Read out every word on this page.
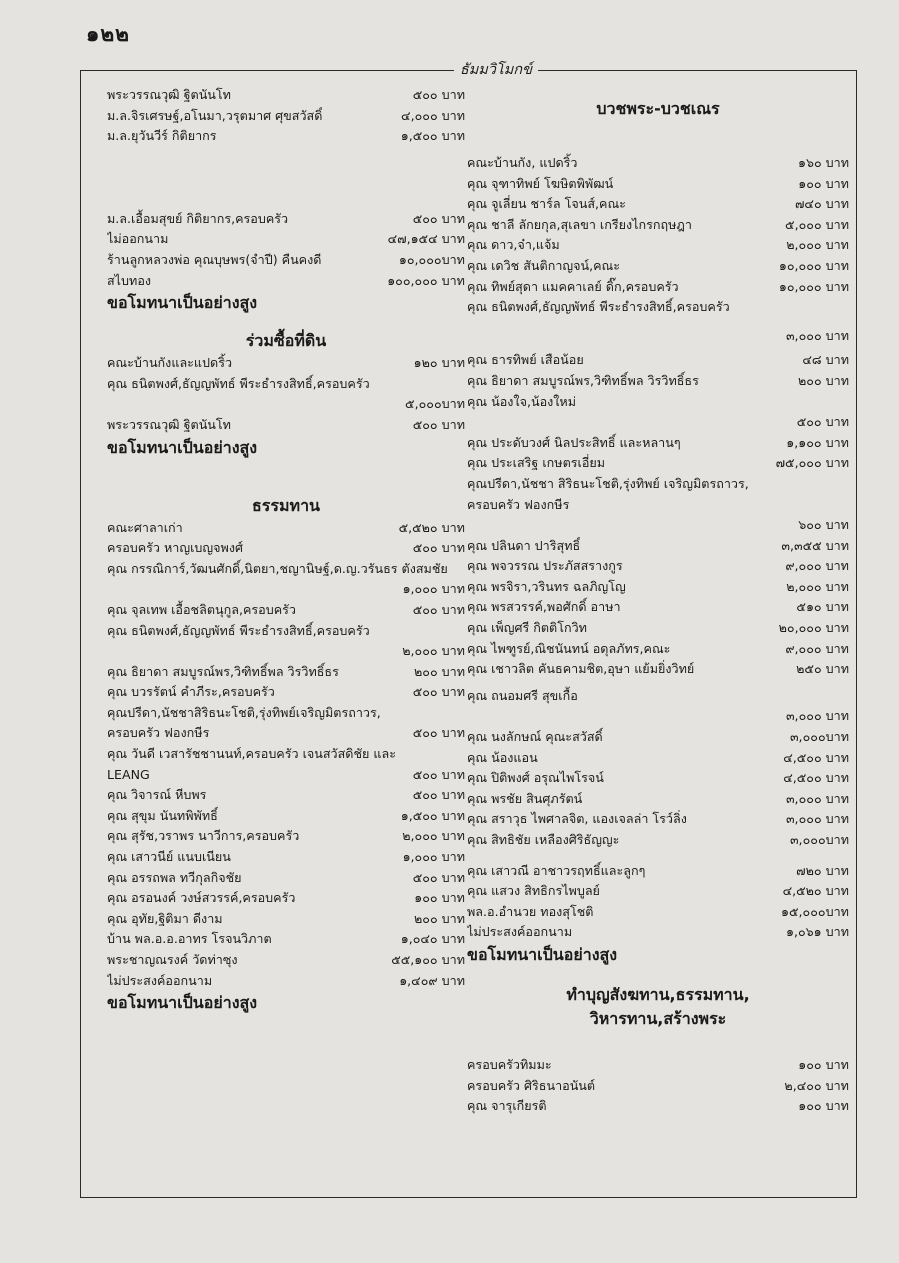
๑๒๒
ธัมมวิโมกข์
พระวรรณวุฒิ ฐิตนันโท	๕๐๐ บาท
ม.ล.จิรเศรษฐ์,อโนมา,วรุตมาศ ศุขสวัสดิ์	๔,๐๐๐ บาท
ม.ล.ยุวันวีร์ กิติยากร	๑,๕๐๐ บาท
ม.ล.เอื้อมสุขย์ กิติยากร,ครอบครัว	๕๐๐ บาท
ไม่ออกนาม	๔๗,๑๕๔ บาท
ร้านลูกหลวงพ่อ คุณบุษพร(จำปี) คืนคงดี	๑๐,๐๐๐บาท
สไบทอง	๑๐๐,๐๐๐ บาท
ขอโมทนาเป็นอย่างสูง
ร่วมซื้อที่ดิน
คณะบ้านกังและแปดริ้ว	๑๒๐ บาท
คุณ ธนิตพงศ์,ธัญญพัทธ์ พีระธำรงสิทธิ์,ครอบครัว
๕,๐๐๐บาท
พระวรรณวุฒิ ฐิตนันโท	๕๐๐ บาท
ขอโมทนาเป็นอย่างสูง
ธรรมทาน
คณะศาลาเก่า	๕,๕๒๐ บาท
ครอบครัว หาญเบญจพงศ์	๕๐๐ บาท
คุณ กรรณิการ์,วัฒนศักดิ์,นิตยา,ชญานิษฐ์,ด.ญ.วรันธร ตังสมชัย
๑,๐๐๐ บาท
คุณ จุลเทพ เอื้อชลิตนุกูล,ครอบครัว	๕๐๐ บาท
คุณ ธนิตพงศ์,ธัญญพัทธ์ พีระธำรงสิทธิ์,ครอบครัว
๒,๐๐๐ บาท
คุณ ธิยาดา สมบูรณ์พร,วิฑิทธิ์พล วิรวิทธิ์ธร	๒๐๐ บาท
คุณ บวรรัตน์ คำภีระ,ครอบครัว	๕๐๐ บาท
คุณปรีดา,นัชชาสิริธนะโชติ,รุ่งทิพย์เจริญมิตรถาวร,
ครอบครัว ฟองกษีร	๕๐๐ บาท
คุณ วันดี เวสารัชชานนท์,ครอบครัว เจนสวัสดิชัย และ
LEANG	๕๐๐ บาท
คุณ วิจารณ์ หีบพร	๕๐๐ บาท
คุณ สุขุม นันทพิพัทธิ์	๑,๕๐๐ บาท
คุณ สุรัช,วราพร นาวีการ,ครอบครัว	๒,๐๐๐ บาท
คุณ เสาวนีย์ แนบเนียน	๑,๐๐๐ บาท
คุณ อรรถพล ทวีกุลกิจชัย	๕๐๐ บาท
คุณ อรอนงค์ วงษ์สวรรค์,ครอบครัว	๑๐๐ บาท
คุณ อุทัย,ฐิติมา ดีงาม	๒๐๐ บาท
บ้าน พล.อ.อ.อาทร โรจนวิภาต	๑,๐๔๐ บาท
พระชาญณรงค์ วัดท่าซุง	๕๕,๑๐๐ บาท
ไม่ประสงค์ออกนาม	๑,๔๐๙ บาท
ขอโมทนาเป็นอย่างสูง
บวชพระ-บวชเณร
คณะบ้านกัง, แปดริ้ว	๑๖๐ บาท
คุณ จุฑาทิพย์ โฆษิตพิพัฒน์	๑๐๐ บาท
คุณ จูเลี่ยน ชาร์ล โจนส์,คณะ	๗๔๐ บาท
คุณ ชาลี ลักยกุล,สุเลขา เกรียงไกรกฤษฎา	๕,๐๐๐ บาท
คุณ ดาว,จ๋า,แจ้ม	๒,๐๐๐ บาท
คุณ เดวิช สันติกาญจน์,คณะ	๑๐,๐๐๐ บาท
คุณ ทิพย์สุดา แมคคาเลย์ ดิ๊ก,ครอบครัว	๑๐,๐๐๐ บาท
คุณ ธนิตพงศ์,ธัญญพัทธ์ พีระธำรงสิทธิ์,ครอบครัว
๓,๐๐๐ บาท
คุณ ธารทิพย์ เสือน้อย	๔๘ บาท
คุณ ธิยาดา สมบูรณ์พร,วิฑิทธิ์พล วิรวิทธิ์ธร	๒๐๐ บาท
คุณ น้องใจ,น้องใหม่
๕๐๐ บาท
คุณ ประดับวงศ์ นิลประสิทธิ์ และหลานๆ	๑,๑๐๐ บาท
คุณ ประเสริฐ เกษตรเอี่ยม	๗๕,๐๐๐ บาท
คุณปรีดา,นัชชา สิริธนะโชติ,รุ่งทิพย์ เจริญมิตรถาวร,
ครอบครัว ฟองกษีร
๖๐๐ บาท
คุณ ปลินดา ปาริสุทธิ์	๓,๓๕๕ บาท
คุณ พจวรรณ ประภัสสรางกูร	๙,๐๐๐ บาท
คุณ พรจิรา,วรินทร ฉลภิญโญ	๒,๐๐๐ บาท
คุณ พรสวรรค์,พอศักดิ์ อาษา	๕๑๐ บาท
คุณ เพ็ญศรี กิตติโกวิท	๒๐,๐๐๐ บาท
คุณ ไพฑูรย์,ณิชนันทน์ อดุลภัทร,คณะ	๙,๐๐๐ บาท
คุณ เชาวลิต คันธคามชิต,อุษา แย้มยิ่งวิทย์	๒๕๐ บาท
คุณ ถนอมศรี สุขเกื้อ
๓,๐๐๐ บาท
คุณ นงลักษณ์ คุณะสวัสดิ์	๓,๐๐๐บาท
คุณ น้องแอน	๔,๕๐๐ บาท
คุณ ปิติพงศ์ อรุณไพโรจน์	๔,๕๐๐ บาท
คุณ พรชัย สินศุภรัตน์	๓,๐๐๐ บาท
คุณ สราวุธ ไพศาลจิต, แองเจลล่า โรว์ลิ่ง	๓,๐๐๐ บาท
คุณ สิทธิชัย เหลืองศิริธัญญะ	๓,๐๐๐บาท
คุณ เสาวณี อาชาวรฤทธิ์และลูกๆ	๗๒๐ บาท
คุณ แสวง สิทธิกรไพบูลย์	๔,๕๒๐ บาท
พล.อ.อำนวย ทองสุโชติ	๑๕,๐๐๐บาท
ไม่ประสงค์ออกนาม	๑,๐๖๑ บาท
ขอโมทนาเป็นอย่างสูง
ทำบุญสังฆทาน,ธรรมทาน,
วิหารทาน,สร้างพระ
ครอบครัวทิมมะ	๑๐๐ บาท
ครอบครัว ศิริธนาอนันต์	๒,๔๐๐ บาท
คุณ จารุเกียรติ	๑๐๐ บาท
